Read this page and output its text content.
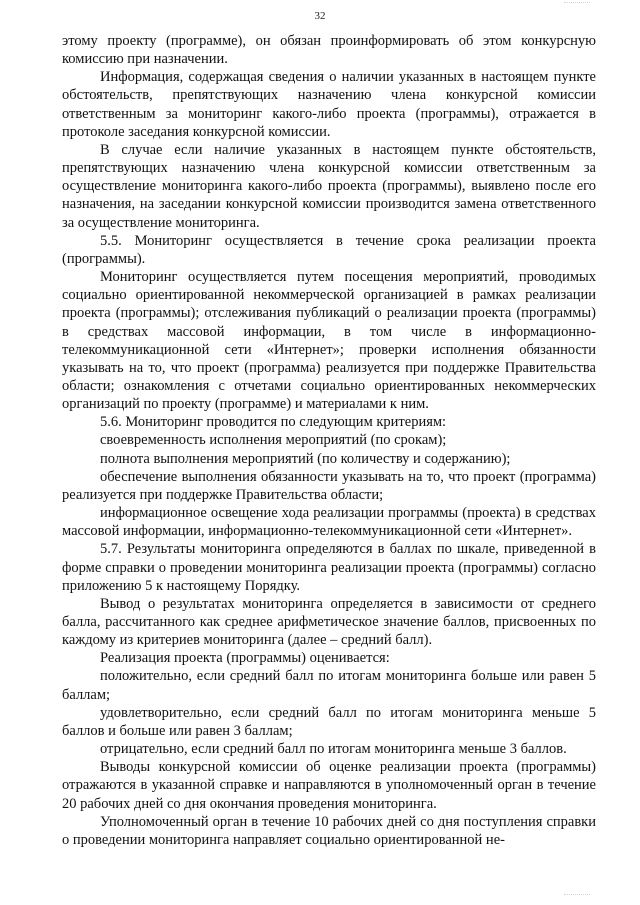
32

этому проекту (программе), он обязан проинформировать об этом конкурсную комиссию при назначении.

Информация, содержащая сведения о наличии указанных в настоящем пункте обстоятельств, препятствующих назначению члена конкурсной комиссии ответственным за мониторинг какого-либо проекта (программы), отражается в протоколе заседания конкурсной комиссии.

В случае если наличие указанных в настоящем пункте обстоятельств, препятствующих назначению члена конкурсной комиссии ответственным за осуществление мониторинга какого-либо проекта (программы), выявлено после его назначения, на заседании конкурсной комиссии производится замена ответственного за осуществление мониторинга.

5.5. Мониторинг осуществляется в течение срока реализации проекта (программы).

Мониторинг осуществляется путем посещения мероприятий, проводимых социально ориентированной некоммерческой организацией в рамках реализации проекта (программы); отслеживания публикаций о реализации проекта (программы) в средствах массовой информации, в том числе в информационно-телекоммуникационной сети «Интернет»; проверки исполнения обязанности указывать на то, что проект (программа) реализуется при поддержке Правительства области; ознакомления с отчетами социально ориентированных некоммерческих организаций по проекту (программе) и материалами к ним.

5.6. Мониторинг проводится по следующим критериям:

своевременность исполнения мероприятий (по срокам);

полнота выполнения мероприятий (по количеству и содержанию);

обеспечение выполнения обязанности указывать на то, что проект (программа) реализуется при поддержке Правительства области;

информационное освещение хода реализации программы (проекта) в средствах массовой информации, информационно-телекоммуникационной сети «Интернет».

5.7. Результаты мониторинга определяются в баллах по шкале, приведенной в форме справки о проведении мониторинга реализации проекта (программы) согласно приложению 5 к настоящему Порядку.

Вывод о результатах мониторинга определяется в зависимости от среднего балла, рассчитанного как среднее арифметическое значение баллов, присвоенных по каждому из критериев мониторинга (далее – средний балл).

Реализация проекта (программы) оценивается:

положительно, если средний балл по итогам мониторинга больше или равен 5 баллам;

удовлетворительно, если средний балл по итогам мониторинга меньше 5 баллов и больше или равен 3 баллам;

отрицательно, если средний балл по итогам мониторинга меньше 3 баллов.

Выводы конкурсной комиссии об оценке реализации проекта (программы) отражаются в указанной справке и направляются в уполномоченный орган в течение 20 рабочих дней со дня окончания проведения мониторинга.

Уполномоченный орган в течение 10 рабочих дней со дня поступления справки о проведении мониторинга направляет социально ориентированной не-
